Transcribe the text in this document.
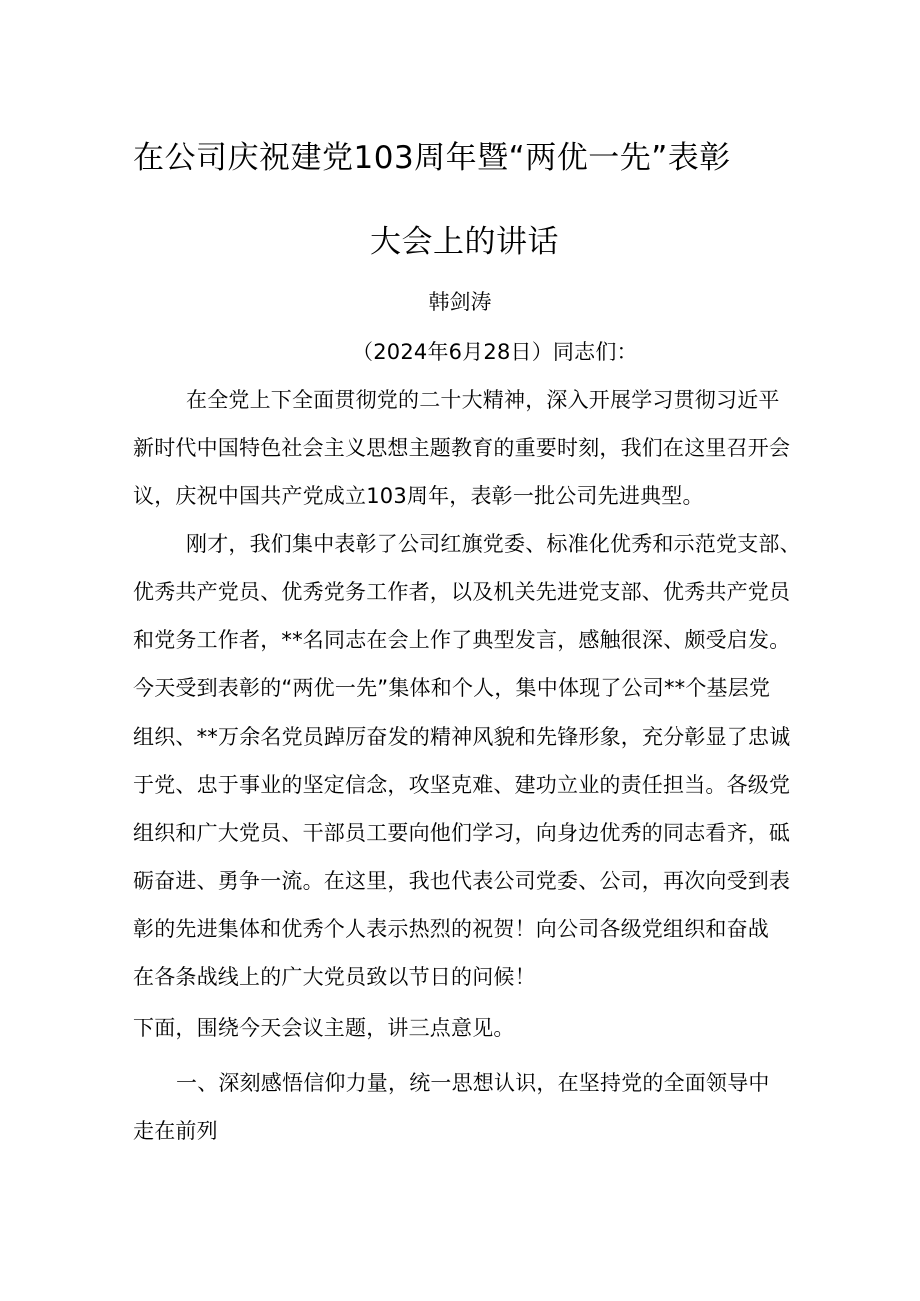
在公司庆祝建党103周年暨“两优一先”表彰
大会上的讲话
韩剑涛
（2024年6月28日）同志们：
在全党上下全面贯彻党的二十大精神，深入开展学习贯彻习近平
新时代中国特色社会主义思想主题教育的重要时刻，我们在这里召开会
议，庆祝中国共产党成立103周年，表彰一批公司先进典型。
刚才，我们集中表彰了公司红旗党委、标准化优秀和示范党支部、
优秀共产党员、优秀党务工作者，以及机关先进党支部、优秀共产党员
和党务工作者，**名同志在会上作了典型发言，感触很深、颇受启发。
今天受到表彰的“两优一先”集体和个人，集中体现了公司**个基层党
组织、**万余名党员踔厉奋发的精神风貌和先锋形象，充分彰显了忠诚
于党、忠于事业的坚定信念，攻坚克难、建功立业的责任担当。各级党
组织和广大党员、干部员工要向他们学习，向身边优秀的同志看齐，砥
砺奋进、勇争一流。在这里，我也代表公司党委、公司，再次向受到表
彰的先进集体和优秀个人表示热烈的祝贺！向公司各级党组织和奋战
在各条战线上的广大党员致以节日的问候！
下面，围绕今天会议主题，讲三点意见。
一、深刻感悟信仰力量，统一思想认识，在坚持党的全面领导中
走在前列
